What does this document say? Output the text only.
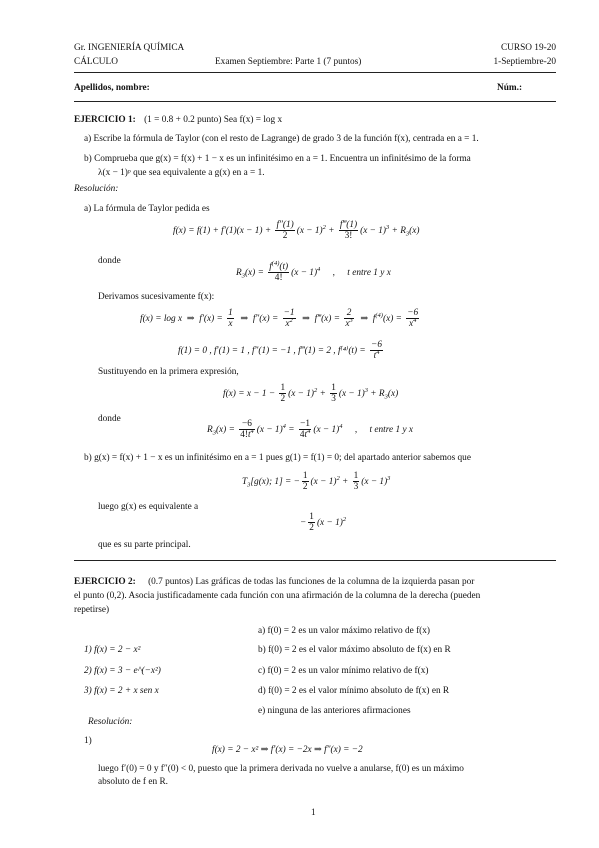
Gr. INGENIERÍA QUÍMICA
CÁLCULO	Examen Septiembre: Parte 1 (7 puntos)
CURSO 19-20
1-Septiembre-20
Apellidos, nombre:	Núm.:
EJERCICIO 1: (1 = 0.8 + 0.2 punto) Sea f(x) = log x
a) Escribe la fórmula de Taylor (con el resto de Lagrange) de grado 3 de la función f(x), centrada en a = 1.
b) Comprueba que g(x) = f(x) + 1 − x es un infinitésimo en a = 1. Encuentra un infinitésimo de la forma
λ(x − 1)ᵖ que sea equivalente a g(x) en a = 1.
Resolución:
a) La fórmula de Taylor pedida es
$f(x) = f(1) + f'(1)(x - 1) + \frac{f''(1)}{2} (x - 1)^2 + \frac{f‴(1)}{3!} (x - 1)^3 + R_3(x)$
donde
$R_3(x) = \frac{f^{(4)}(t)}{4!} (x - 1)^4$ , t entre 1 y x
Derivamos sucesivamente f(x):
f(x) = log x  ⇒  $f'(x) = \frac{1}{x}$ ⇒  $f''(x) = \frac{-1}{x^2}$ ⇒  f‴(x) = $\frac{2}{x^3}$ ⇒  $f^{(4)}(x) = \frac{-6}{x^4}$
f(1) = 0 , f′(1) = 1 , f″(1) = −1 , f‴(1) = 2 , $f^{(4)}(t) = \frac{-6}{t^4}$
Sustituyendo en la primera expresión,
$f(x) = x - 1 - \frac{1}{2} (x - 1)^2 + \frac{1}{3} (x - 1)^3 + R_3(x)$
donde
$R_3(x) = \frac{-6}{4!t^4} (x - 1)^4 = \frac{-1}{4t^4} (x - 1)^4$ , t entre 1 y x
b) g(x) = f(x) + 1 − x es un infinitésimo en a = 1 pues g(1) = f(1) = 0; del apartado anterior sabemos que
$T_3[g(x)$; 1] = − $\frac{1}{2} (x - 1)^2 + \frac{1}{3} (x - 1)^3$
luego g(x) es equivalente a
− $\frac{1}{2} (x - 1)^2$
que es su parte principal.
EJERCICIO 2: (0.7 puntos) Las gráficas de todas las funciones de la columna de la izquierda pasan por
el punto (0,2). Asocia justificadamente cada función con una afirmación de la columna de la derecha (pueden
repetirse)
1) f(x) = 2 − x²
2) f(x) = 3 − e^(−x²)
3) f(x) = 2 + x sen x
a) f(0) = 2 es un valor máximo relativo de f(x)
b) f(0) = 2 es el valor máximo absoluto de f(x) en R
c) f(0) = 2 es un valor mínimo relativo de f(x)
d) f(0) = 2 es el valor mínimo absoluto de f(x) en R
e) ninguna de las anteriores afirmaciones
Resolución:
1)
f(x) = 2 − x² ⇒ f′(x) = −2x ⇒ f″(x) = −2
luego f′(0) = 0 y f″(0) < 0, puesto que la primera derivada no vuelve a anularse, f(0) es un máximo
absoluto de f en R.
1
